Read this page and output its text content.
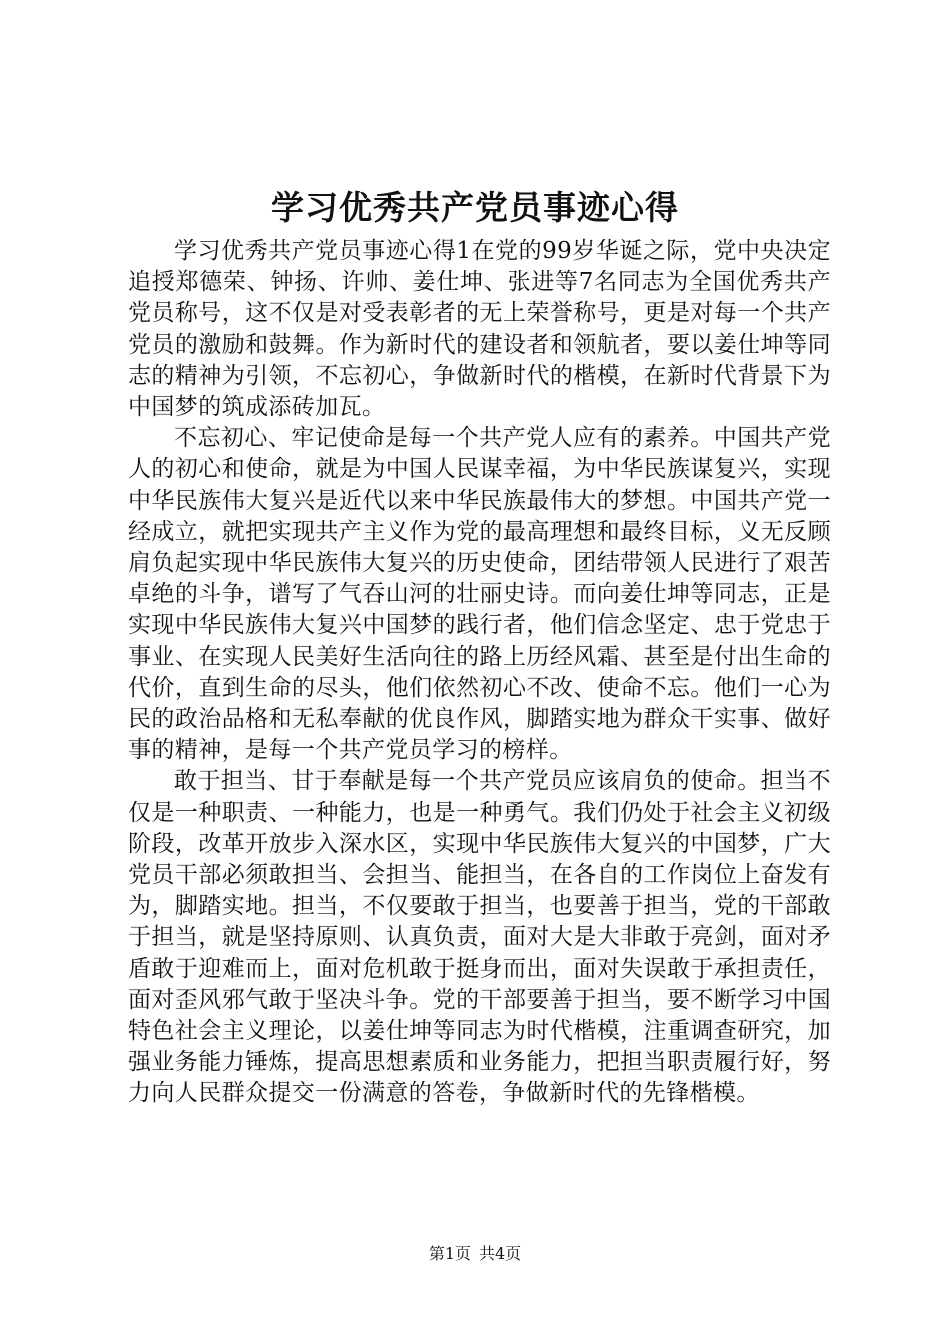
学习优秀共产党员事迹心得

学习优秀共产党员事迹心得1在党的99岁华诞之际，党中央决定追授郑德荣、钟扬、许帅、姜仕坤、张进等7名同志为全国优秀共产党员称号，这不仅是对受表彰者的无上荣誉称号，更是对每一个共产党员的激励和鼓舞。作为新时代的建设者和领航者，要以姜仕坤等同志的精神为引领，不忘初心，争做新时代的楷模，在新时代背景下为中国梦的筑成添砖加瓦。

不忘初心、牢记使命是每一个共产党人应有的素养。中国共产党人的初心和使命，就是为中国人民谋幸福，为中华民族谋复兴，实现中华民族伟大复兴是近代以来中华民族最伟大的梦想。中国共产党一经成立，就把实现共产主义作为党的最高理想和最终目标，义无反顾肩负起实现中华民族伟大复兴的历史使命，团结带领人民进行了艰苦卓绝的斗争，谱写了气吞山河的壮丽史诗。而向姜仕坤等同志，正是实现中华民族伟大复兴中国梦的践行者，他们信念坚定、忠于党忠于事业、在实现人民美好生活向往的路上历经风霜、甚至是付出生命的代价，直到生命的尽头，他们依然初心不改、使命不忘。他们一心为民的政治品格和无私奉献的优良作风，脚踏实地为群众干实事、做好事的精神，是每一个共产党员学习的榜样。

敢于担当、甘于奉献是每一个共产党员应该肩负的使命。担当不仅是一种职责、一种能力，也是一种勇气。我们仍处于社会主义初级阶段，改革开放步入深水区，实现中华民族伟大复兴的中国梦，广大党员干部必须敢担当、会担当、能担当，在各自的工作岗位上奋发有为，脚踏实地。担当，不仅要敢于担当，也要善于担当，党的干部敢于担当，就是坚持原则、认真负责，面对大是大非敢于亮剑，面对矛盾敢于迎难而上，面对危机敢于挺身而出，面对失误敢于承担责任，面对歪风邪气敢于坚决斗争。党的干部要善于担当，要不断学习中国特色社会主义理论，以姜仕坤等同志为时代楷模，注重调查研究，加强业务能力锤炼，提高思想素质和业务能力，把担当职责履行好，努力向人民群众提交一份满意的答卷，争做新时代的先锋楷模。

第1页 共4页
